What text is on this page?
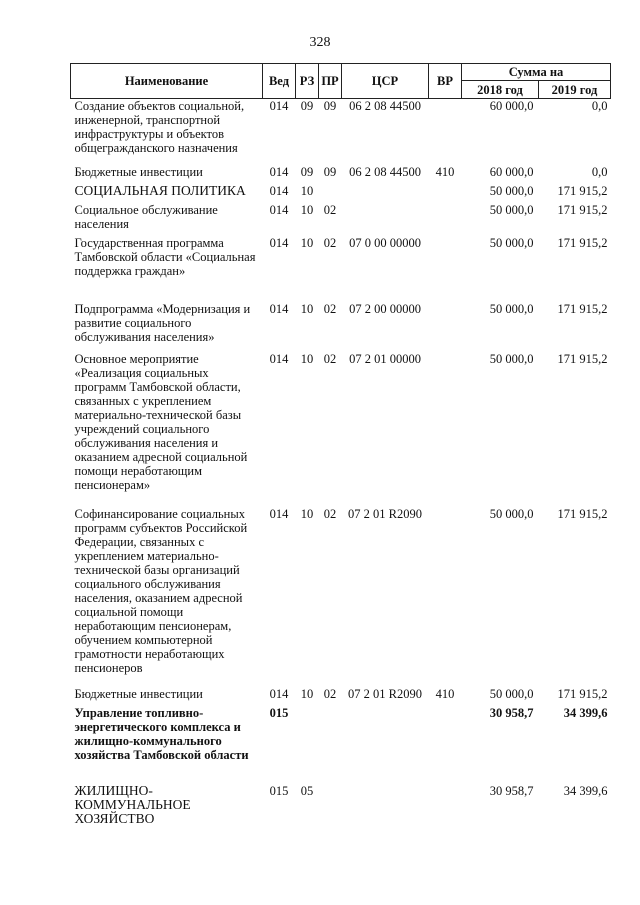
328
Наименование	Вед	РЗ	ПР	ЦСР	ВР	Сумма на	
						2018 год	2019 год
Создание объектов социальной, инженерной, транспортной инфраструктуры и объектов общегражданского назначения	014	09	09	06 2 08 44500		60 000,0	0,0
Бюджетные инвестиции	014	09	09	06 2 08 44500	410	60 000,0	0,0
СОЦИАЛЬНАЯ ПОЛИТИКА	014	10				50 000,0	171 915,2
Социальное обслуживание населения	014	10	02			50 000,0	171 915,2
Государственная программа Тамбовской области «Социальная поддержка граждан»	014	10	02	07 0 00 00000		50 000,0	171 915,2
Подпрограмма «Модернизация и развитие социального обслуживания населения»	014	10	02	07 2 00 00000		50 000,0	171 915,2
Основное мероприятие «Реализация социальных программ Тамбовской области, связанных с укреплением материально-технической базы учреждений социального обслуживания населения и оказанием адресной социальной помощи неработающим пенсионерам»	014	10	02	07 2 01 00000		50 000,0	171 915,2
Софинансирование социальных программ субъектов Российской Федерации, связанных с укреплением материально-технической базы организаций социального обслуживания населения, оказанием адресной социальной помощи неработающим пенсионерам, обучением компьютерной грамотности неработающих пенсионеров	014	10	02	07 2 01 R2090		50 000,0	171 915,2
Бюджетные инвестиции	014	10	02	07 2 01 R2090	410	50 000,0	171 915,2
Управление топливно-энергетического комплекса и жилищно-коммунального хозяйства Тамбовской области	015					30 958,7	34 399,6
ЖИЛИЩНО-КОММУНАЛЬНОЕ ХОЗЯЙСТВО	015	05				30 958,7	34 399,6
